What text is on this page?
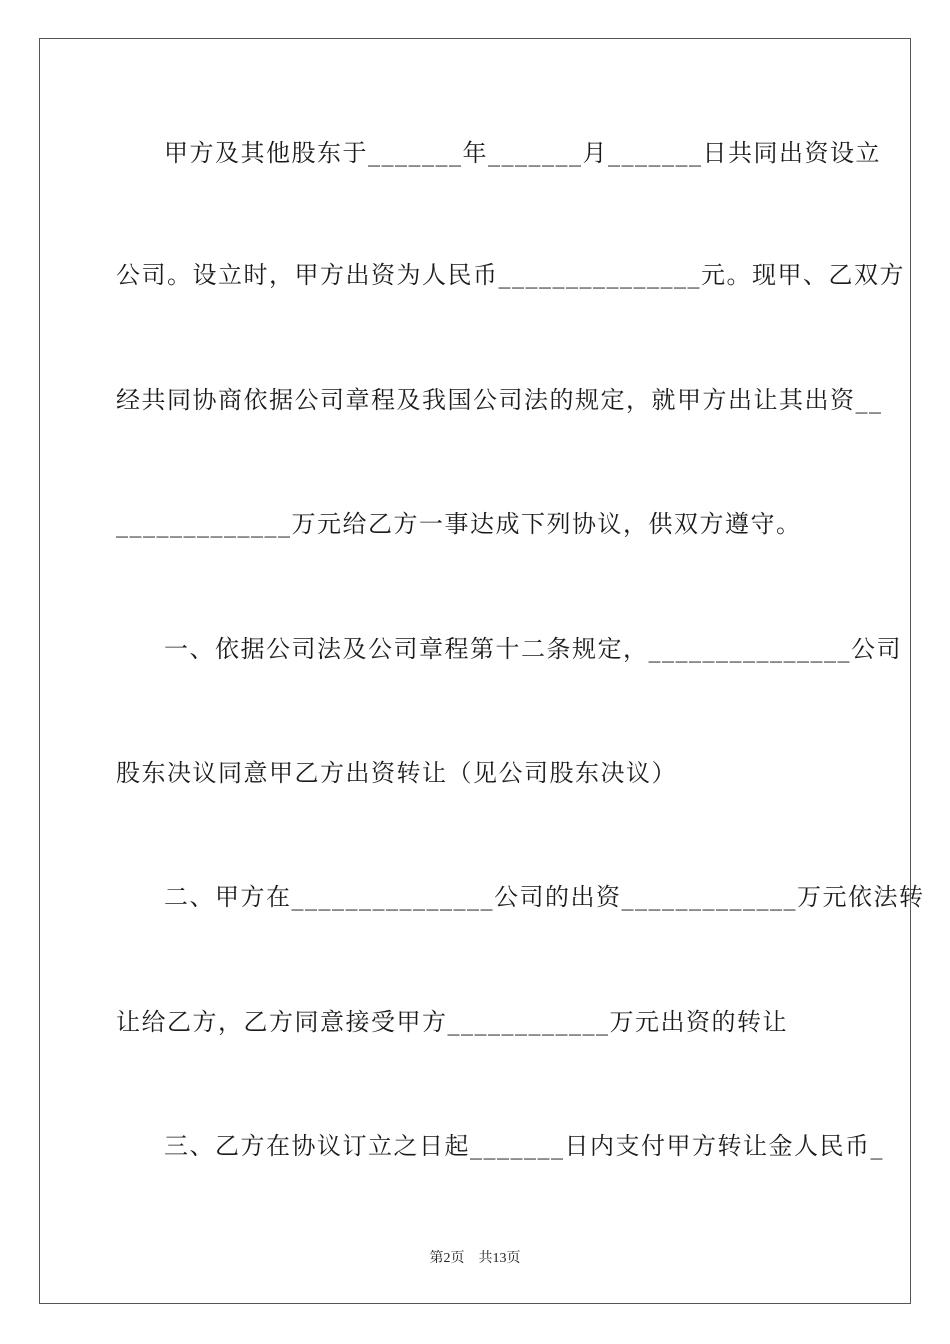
甲方及其他股东于_______年_______月_______日共同出资设立
公司。设立时，甲方出资为人民币_______________元。现甲、乙双方
经共同协商依据公司章程及我国公司法的规定，就甲方出让其出资__
_____________万元给乙方一事达成下列协议，供双方遵守。
一、依据公司法及公司章程第十二条规定，_______________公司
股东决议同意甲乙方出资转让（见公司股东决议）
二、甲方在_______________公司的出资_____________万元依法转
让给乙方，乙方同意接受甲方____________万元出资的转让
三、乙方在协议订立之日起_______日内支付甲方转让金人民币_
第2页　共13页
